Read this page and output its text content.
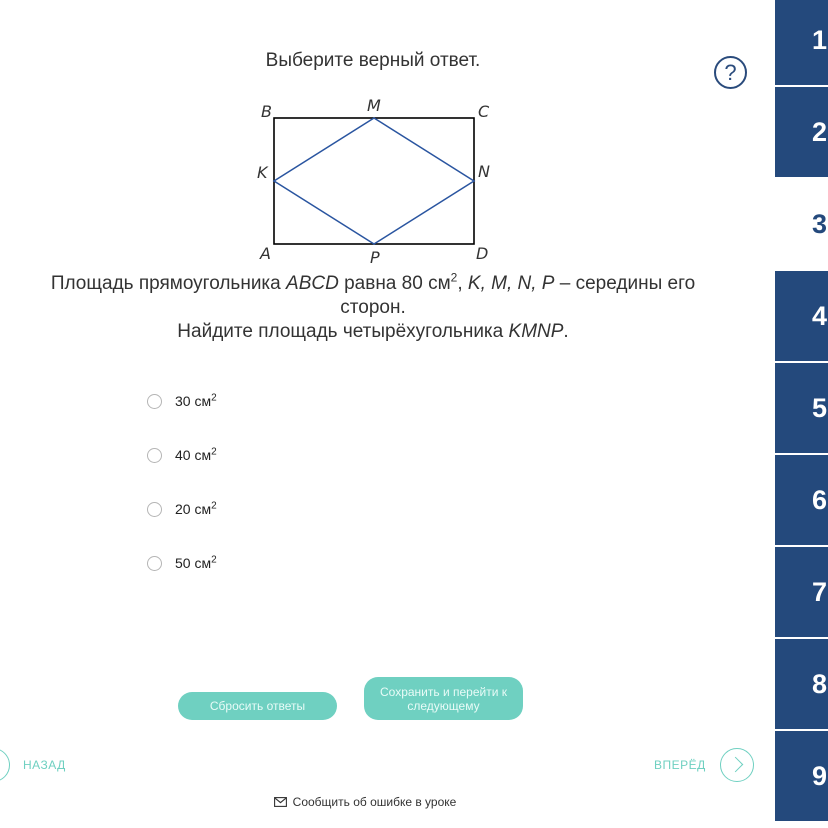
Выберите верный ответ.	?
B	M	C
K	N
A	P	D
Площадь прямоугольника ABCD равна 80 $см^2$, K, M, N, P – середины его сторон.
Найдите площадь четырёхугольника KMNP.
30 $см^2$
40 $см^2$
20 $см^2$
50 $см^2$
Сбросить ответы
Сохранить и перейти к следующему
НАЗАД	ВПЕРЁД
Сообщить об ошибке в уроке
1
2
3
4
5
6
7
8
9
